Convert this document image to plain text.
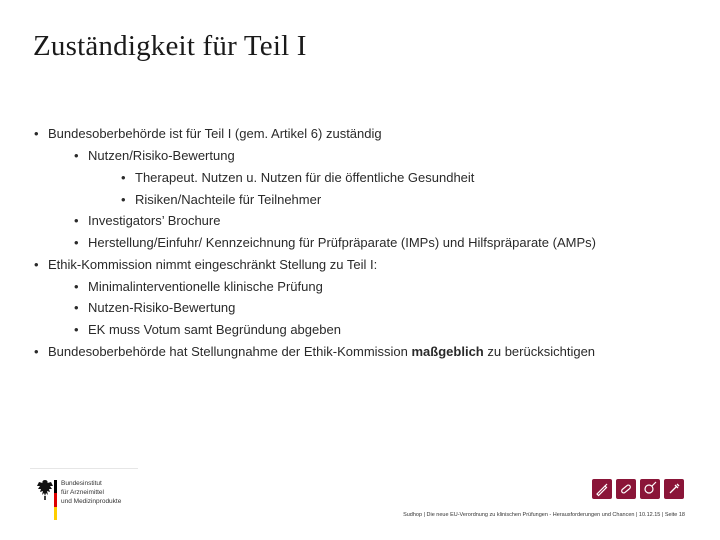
Zuständigkeit für Teil I
• Bundesoberbehörde ist für Teil I (gem. Artikel 6) zuständig
• Nutzen/Risiko-Bewertung
• Therapeut. Nutzen u. Nutzen für die öffentliche Gesundheit
• Risiken/Nachteile für Teilnehmer
• Investigators’ Brochure
• Herstellung/Einfuhr/ Kennzeichnung für Prüfpräparate (IMPs) und Hilfspräparate (AMPs)
• Ethik-Kommission nimmt eingeschränkt Stellung zu Teil I:
• Minimalinterventionelle klinische Prüfung
• Nutzen-Risiko-Bewertung
• EK muss Votum samt Begründung abgeben
• Bundesoberbehörde hat Stellungnahme der Ethik-Kommission maßgeblich zu berücksichtigen
Bundesinstitut
für Arzneimittel
und Medizinprodukte
Sudhop | Die neue EU-Verordnung zu klinischen Prüfungen - Herausforderungen und Chancen | 10.12.15 | Seite 18
